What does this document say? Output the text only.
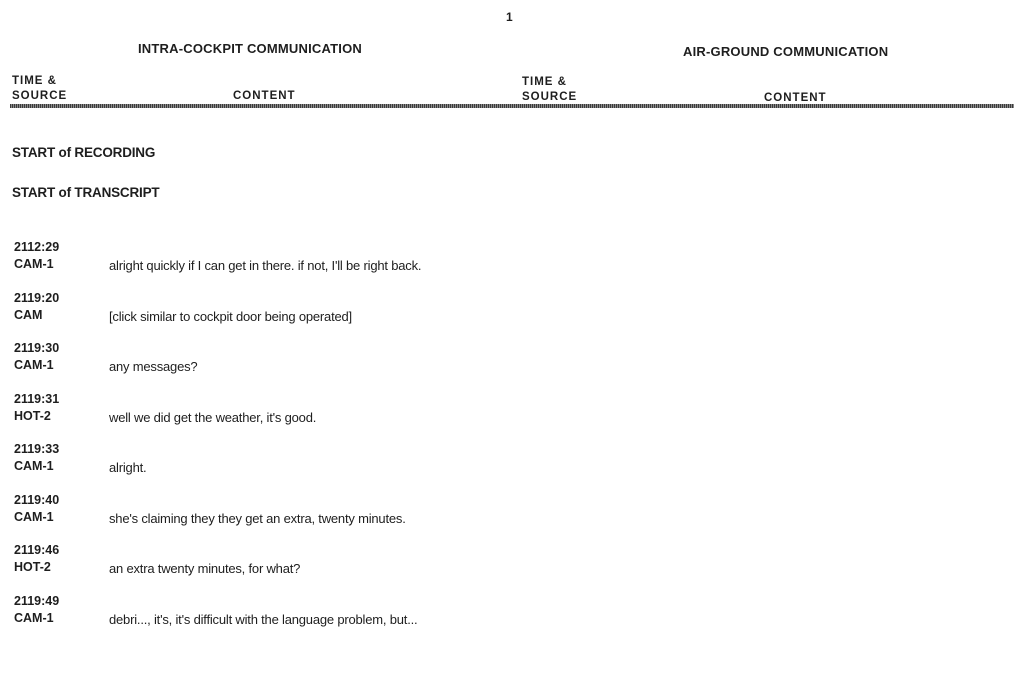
1
INTRA-COCKPIT COMMUNICATION	AIR-GROUND COMMUNICATION
TIME &
SOURCE	CONTENT
TIME &
SOURCE	CONTENT
START of RECORDING
START of TRANSCRIPT
2112:29
CAM-1	alright quickly if I can get in there. if not, I'll be right back.
2119:20
CAM	[click similar to cockpit door being operated]
2119:30
CAM-1	any messages?
2119:31
HOT-2	well we did get the weather, it's good.
2119:33
CAM-1	alright.
2119:40
CAM-1	she's claiming they they get an extra, twenty minutes.
2119:46
HOT-2	an extra twenty minutes, for what?
2119:49
CAM-1	debri..., it's, it's difficult with the language problem, but...
